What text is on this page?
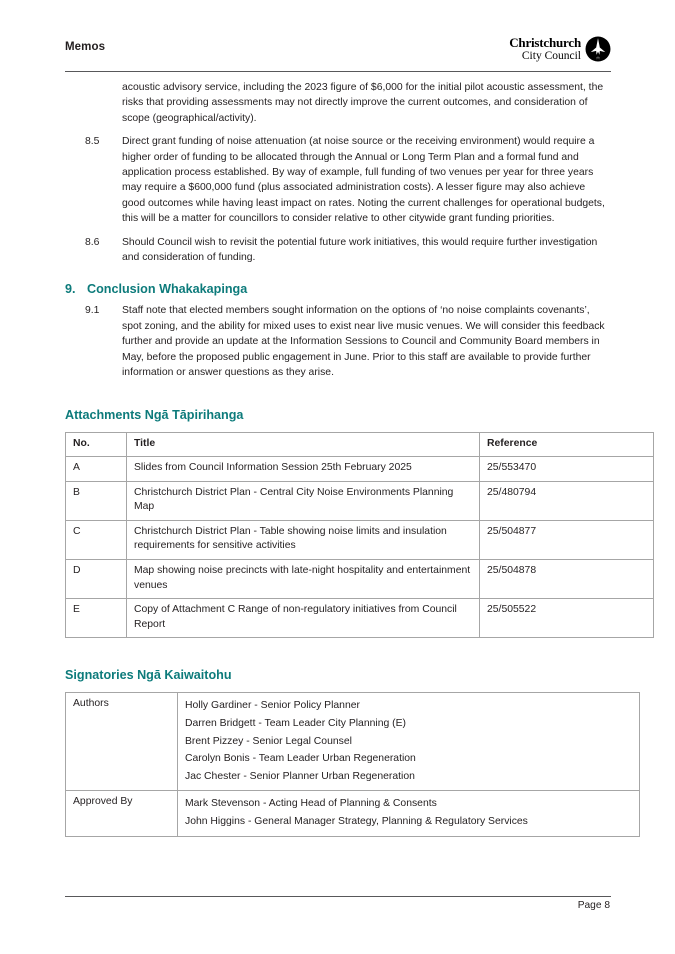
Memos	Christchurch
City Council
acoustic advisory service, including the 2023 figure of $6,000 for the initial pilot acoustic assessment, the risks that providing assessments may not directly improve the current outcomes, and consideration of scope (geographical/activity).
8.5	Direct grant funding of noise attenuation (at noise source or the receiving environment) would require a higher order of funding to be allocated through the Annual or Long Term Plan and a formal fund and application process established. By way of example, full funding of two venues per year for three years may require a $600,000 fund (plus associated administration costs). A lesser figure may also achieve good outcomes while having least impact on rates. Noting the current challenges for operational budgets, this will be a matter for councillors to consider relative to other citywide grant funding priorities.
8.6	Should Council wish to revisit the potential future work initiatives, this would require further investigation and consideration of funding.
9. Conclusion Whakakapinga
9.1	Staff note that elected members sought information on the options of ‘no noise complaints covenants’, spot zoning, and the ability for mixed uses to exist near live music venues. We will consider this feedback further and provide an update at the Information Sessions to Council and Community Board members in May, before the proposed public engagement in June. Prior to this staff are available to provide further information or answer questions as they arise.
Attachments Ngā Tāpirihanga
No.	Title	Reference
A	Slides from Council Information Session 25th February 2025	25/553470
B	Christchurch District Plan - Central City Noise Environments Planning Map	25/480794
C	Christchurch District Plan - Table showing noise limits and insulation requirements for sensitive activities	25/504877
D	Map showing noise precincts with late-night hospitality and entertainment venues	25/504878
E	Copy of Attachment C Range of non-regulatory initiatives from Council Report	25/505522
Signatories Ngā Kaiwaitohu
Authors	Holly Gardiner - Senior Policy Planner
Darren Bridgett - Team Leader City Planning (E)
Brent Pizzey - Senior Legal Counsel
Carolyn Bonis - Team Leader Urban Regeneration
Jac Chester - Senior Planner Urban Regeneration

Approved By	Mark Stevenson - Acting Head of Planning & Consents
John Higgins - General Manager Strategy, Planning & Regulatory Services
Page 8
